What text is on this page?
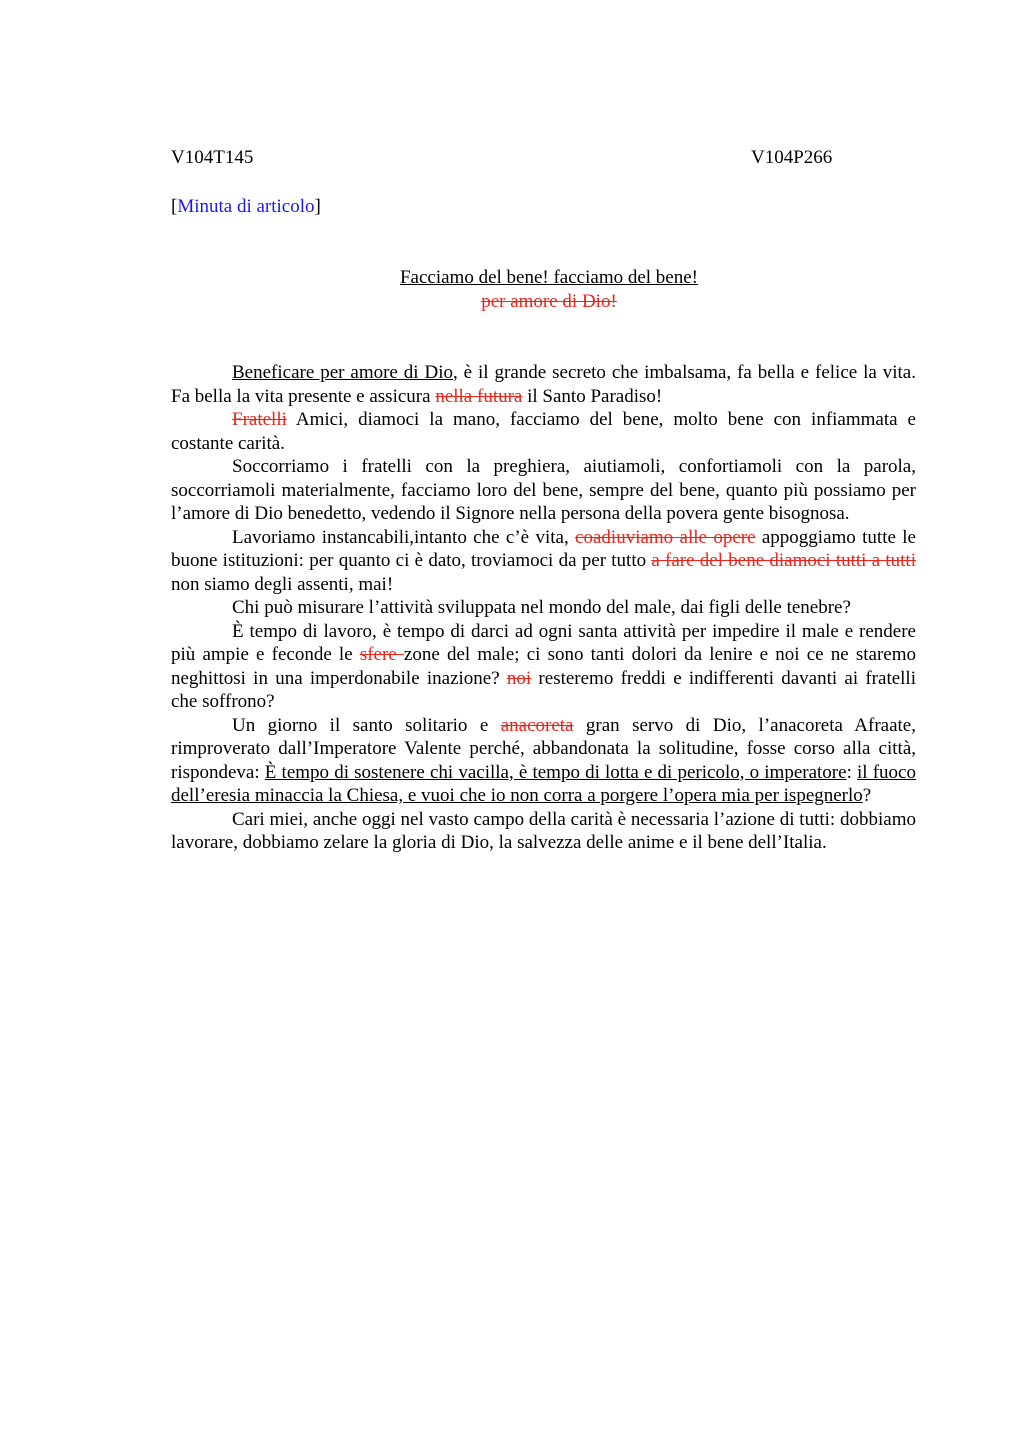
V104T145	V104P266
[Minuta di articolo]
Facciamo del bene! facciamo del bene!
per amore di Dio!

Beneficare per amore di Dio, è il grande secreto che imbalsama, fa bella e felice la vita. Fa bella la vita presente e assicura nella futura il Santo Paradiso!

Fratelli Amici, diamoci la mano, facciamo del bene, molto bene con infiammata e costante carità.

Soccorriamo i fratelli con la preghiera, aiutiamoli, confortiamoli con la parola, soccorriamoli materialmente, facciamo loro del bene, sempre del bene, quanto più possiamo per l’amore di Dio benedetto, vedendo il Signore nella persona della povera gente bisognosa.

Lavoriamo instancabili,intanto che c’è vita, coadiuviamo alle opere appoggiamo tutte le buone istituzioni: per quanto ci è dato, troviamoci da per tutto a fare del bene diamoci tutti a tutti non siamo degli assenti, mai!

Chi può misurare l’attività sviluppata nel mondo del male, dai figli delle tenebre?

È tempo di lavoro, è tempo di darci ad ogni santa attività per impedire il male e rendere più ampie e feconde le sfere zone del male; ci sono tanti dolori da lenire e noi ce ne staremo neghittosi in una imperdonabile inazione? noi resteremo freddi e indifferenti davanti ai fratelli che soffrono?

Un giorno il santo solitario e anacoreta gran servo di Dio, l’anacoreta Afraate, rimproverato dall’Imperatore Valente perché, abbandonata la solitudine, fosse corso alla città, rispondeva: È tempo di sostenere chi vacilla, è tempo di lotta e di pericolo, o imperatore: il fuoco dell’eresia minaccia la Chiesa, e vuoi che io non corra a porgere l’opera mia per ispegnerlo?

Cari miei, anche oggi nel vasto campo della carità è necessaria l’azione di tutti: dobbiamo lavorare, dobbiamo zelare la gloria di Dio, la salvezza delle anime e il bene dell’Italia.
